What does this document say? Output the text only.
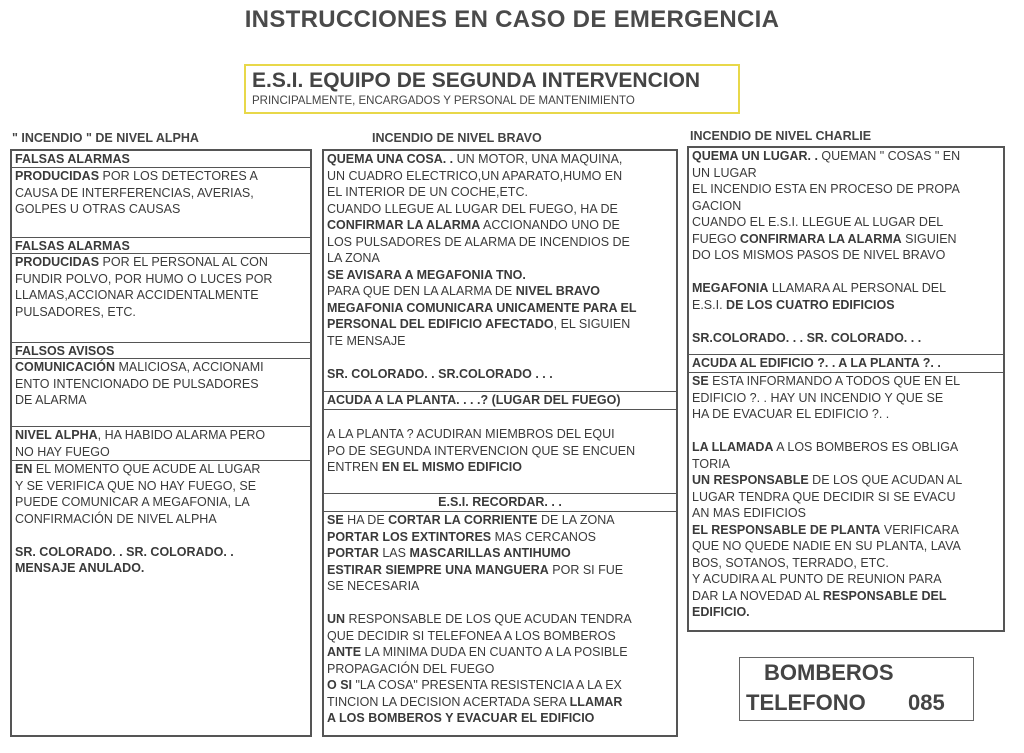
INSTRUCCIONES EN CASO DE EMERGENCIA
E.S.I. EQUIPO DE SEGUNDA INTERVENCION
PRINCIPALMENTE, ENCARGADOS Y PERSONAL DE MANTENIMIENTO
" INCENDIO " DE NIVEL ALPHA
FALSAS ALARMAS
PRODUCIDAS POR LOS DETECTORES A
CAUSA DE INTERFERENCIAS, AVERIAS,
GOLPES U OTRAS CAUSAS
FALSAS ALARMAS
PRODUCIDAS POR EL PERSONAL AL CON
FUNDIR POLVO, POR HUMO O LUCES POR
LLAMAS,ACCIONAR ACCIDENTALMENTE
PULSADORES, ETC.
FALSOS AVISOS
COMUNICACIÓN MALICIOSA, ACCIONAMI
ENTO INTENCIONADO DE PULSADORES
DE ALARMA
NIVEL ALPHA, HA HABIDO ALARMA PERO
NO HAY FUEGO
EN EL MOMENTO QUE ACUDE AL LUGAR
Y SE VERIFICA QUE NO HAY FUEGO, SE
PUEDE COMUNICAR A MEGAFONIA, LA
CONFIRMACIÓN DE NIVEL ALPHA
SR. COLORADO. . SR. COLORADO. .
MENSAJE ANULADO.
INCENDIO DE NIVEL BRAVO
QUEMA UNA COSA. . UN MOTOR, UNA MAQUINA,
UN CUADRO ELECTRICO,UN APARATO,HUMO EN
EL INTERIOR DE UN COCHE,ETC.
CUANDO LLEGUE AL LUGAR DEL FUEGO, HA DE
CONFIRMAR LA ALARMA ACCIONANDO UNO DE
LOS PULSADORES DE ALARMA DE INCENDIOS DE
LA ZONA
SE AVISARA A MEGAFONIA TNO.
PARA QUE DEN LA ALARMA DE NIVEL BRAVO
MEGAFONIA COMUNICARA UNICAMENTE PARA EL
PERSONAL DEL EDIFICIO AFECTADO, EL SIGUIEN
TE MENSAJE
SR. COLORADO. . SR.COLORADO . . .
ACUDA A LA PLANTA. . . .? (LUGAR DEL FUEGO)
A LA PLANTA ? ACUDIRAN MIEMBROS DEL EQUI
PO DE SEGUNDA INTERVENCION QUE SE ENCUEN
ENTREN EN EL MISMO EDIFICIO
E.S.I. RECORDAR. . .
SE HA DE CORTAR LA CORRIENTE DE LA ZONA
PORTAR LOS EXTINTORES MAS CERCANOS
PORTAR LAS MASCARILLAS ANTIHUMO
ESTIRAR SIEMPRE UNA MANGUERA POR SI FUE
SE NECESARIA
UN RESPONSABLE DE LOS QUE ACUDAN TENDRA
QUE DECIDIR SI TELEFONEA A LOS BOMBEROS
ANTE LA MINIMA DUDA EN CUANTO A LA POSIBLE
PROPAGACIÓN DEL FUEGO
O SI "LA COSA" PRESENTA RESISTENCIA A LA EX
TINCION LA DECISION ACERTADA SERA LLAMAR
A LOS BOMBEROS Y EVACUAR EL EDIFICIO
INCENDIO DE NIVEL CHARLIE
QUEMA UN LUGAR. . QUEMAN " COSAS " EN
UN LUGAR
EL INCENDIO ESTA EN PROCESO DE PROPA
GACION
CUANDO EL E.S.I. LLEGUE AL LUGAR DEL
FUEGO CONFIRMARA LA ALARMA SIGUIEN
DO LOS MISMOS PASOS DE NIVEL BRAVO
MEGAFONIA LLAMARA AL PERSONAL DEL
E.S.I. DE LOS CUATRO EDIFICIOS
SR.COLORADO. . . SR. COLORADO. . .
ACUDA AL EDIFICIO ?. . A LA PLANTA ?. .
SE ESTA INFORMANDO A TODOS QUE EN EL
EDIFICIO ?. . HAY UN INCENDIO Y QUE SE
HA DE EVACUAR EL EDIFICIO ?. .
LA LLAMADA A LOS BOMBEROS ES OBLIGA
TORIA
UN RESPONSABLE DE LOS QUE ACUDAN AL
LUGAR TENDRA QUE DECIDIR SI SE EVACU
AN MAS EDIFICIOS
EL RESPONSABLE DE PLANTA VERIFICARA
QUE NO QUEDE NADIE EN SU PLANTA, LAVA
BOS, SOTANOS, TERRADO, ETC.
Y ACUDIRA AL PUNTO DE REUNION PARA
DAR LA NOVEDAD AL RESPONSABLE DEL
EDIFICIO.
BOMBEROS
TELEFONO 085
